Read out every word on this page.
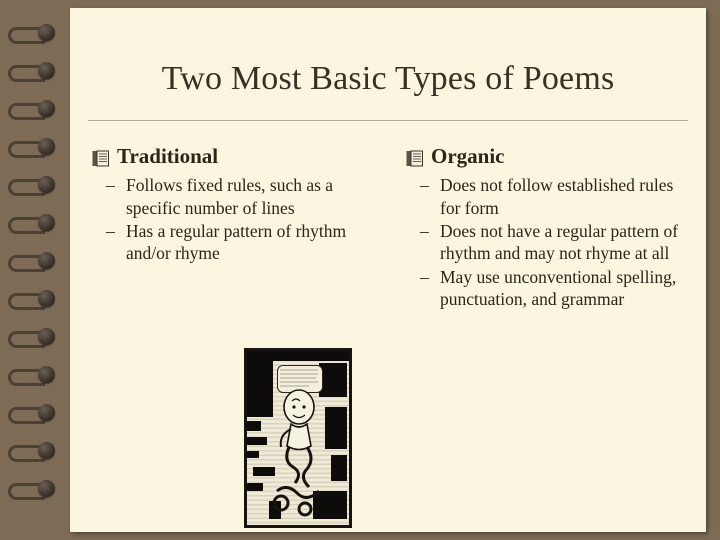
Two Most Basic Types of Poems
Traditional
– Follows fixed rules, such as a specific number of lines
– Has a regular pattern of rhythm and/or rhyme
Organic
– Does not follow established rules for form
– Does not have a regular pattern of rhythm and may not rhyme at all
– May use unconventional spelling, punctuation, and grammar
